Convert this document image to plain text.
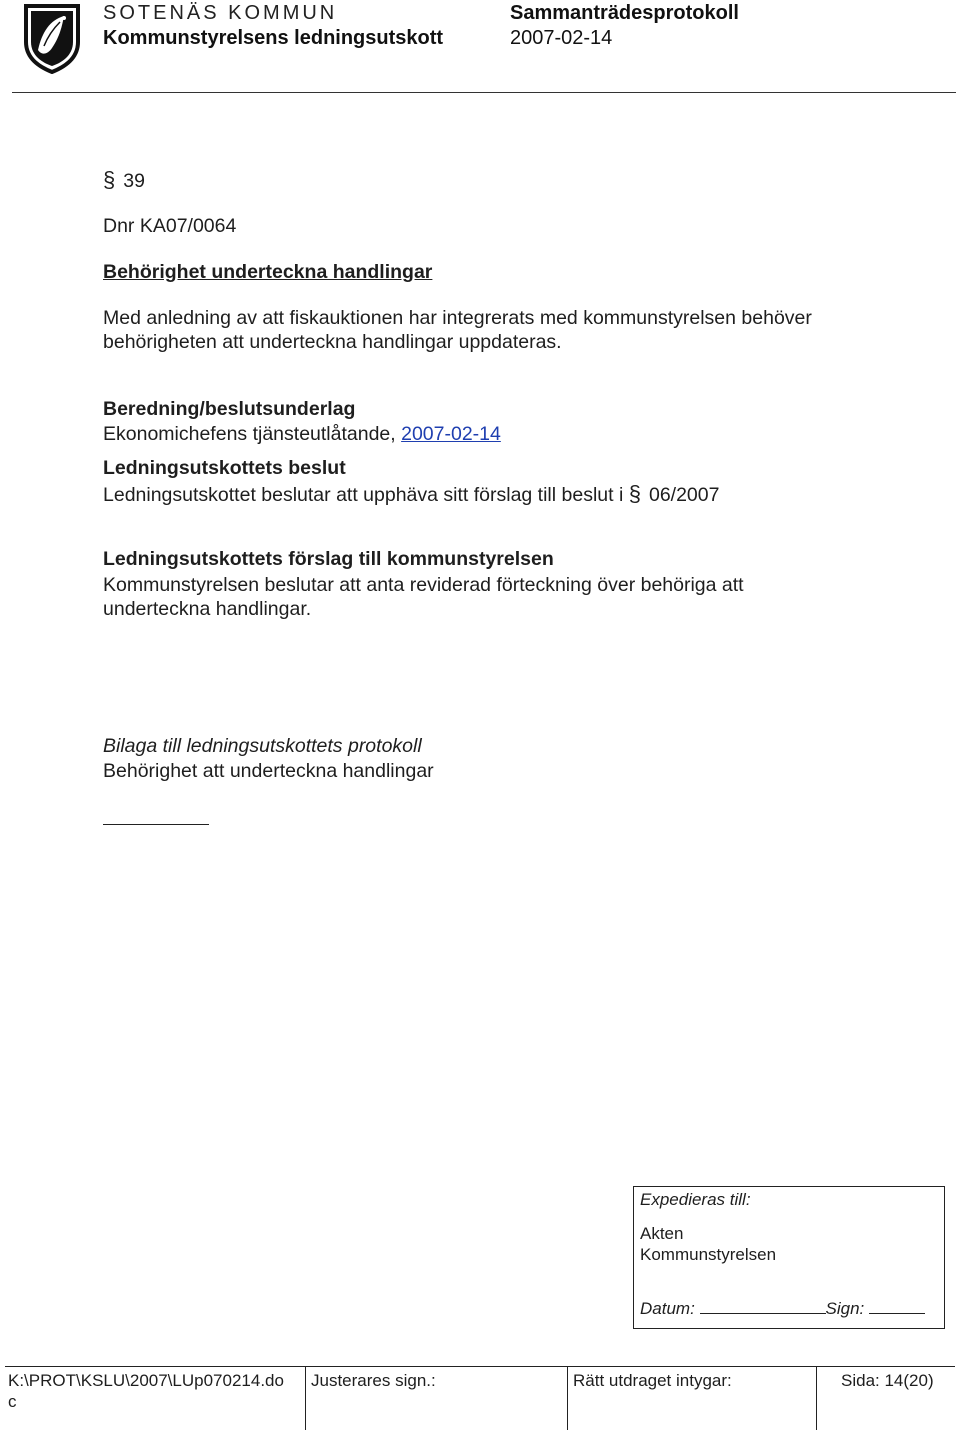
SOTENÄS KOMMUN	Sammanträdesprotokoll
Kommunstyrelsens ledningsutskott	2007-02-14
§ 39
Dnr KA07/0064
Behörighet underteckna handlingar
Med anledning av att fiskauktionen har integrerats med kommunstyrelsen behöver
behörigheten att underteckna handlingar uppdateras.
Beredning/beslutsunderlag
Ekonomichefens tjänsteutlåtande, 2007-02-14
Ledningsutskottets beslut
Ledningsutskottet beslutar att upphäva sitt förslag till beslut i § 06/2007
Ledningsutskottets förslag till kommunstyrelsen
Kommunstyrelsen beslutar att anta reviderad förteckning över behöriga att
underteckna handlingar.
Bilaga till ledningsutskottets protokoll
Behörighet att underteckna handlingar
Expedieras till:
Akten
Kommunstyrelsen
Datum:	Sign:
K:\PROT\KSLU\2007\LUp070214.do
c
Justerares sign.:	Rätt utdraget intygar:	Sida: 14(20)
